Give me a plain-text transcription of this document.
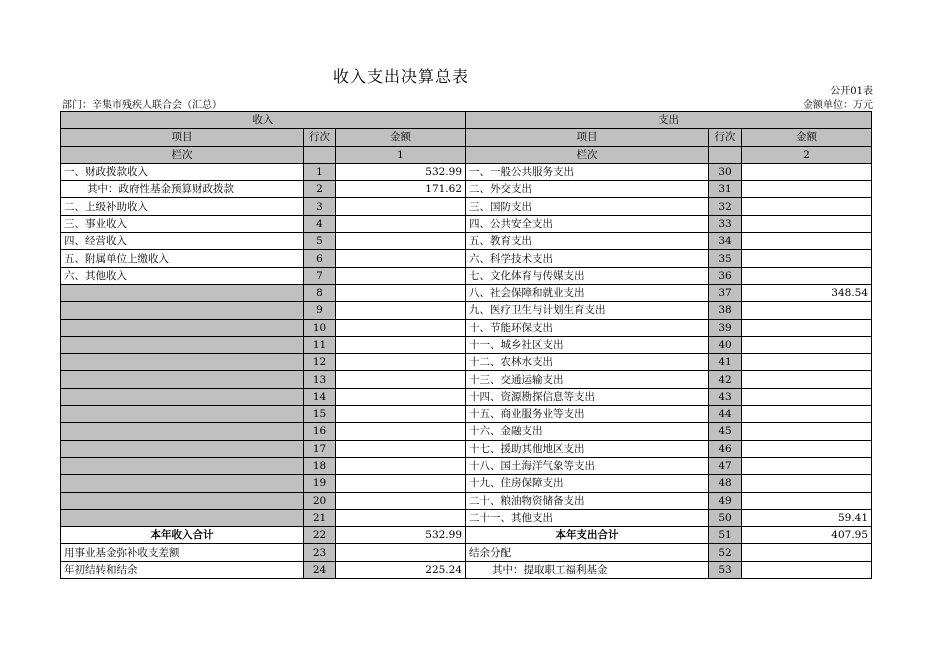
收入支出决算总表
公开01表
部门：辛集市残疾人联合会（汇总）	金额单位：万元
收入			支出		
项目	行次	金额	项目	行次	金额
栏次		1	栏次		2
一、财政拨款收入	1	532.99	一、一般公共服务支出	30	
其中：政府性基金预算财政拨款	2	171.62	二、外交支出	31	
二、上级补助收入	3		三、国防支出	32	
三、事业收入	4		四、公共安全支出	33	
四、经营收入	5		五、教育支出	34	
五、附属单位上缴收入	6		六、科学技术支出	35	
六、其他收入	7		七、文化体育与传媒支出	36	
	8		八、社会保障和就业支出	37	348.54
	9		九、医疗卫生与计划生育支出	38	
	10		十、节能环保支出	39	
	11		十一、城乡社区支出	40	
	12		十二、农林水支出	41	
	13		十三、交通运输支出	42	
	14		十四、资源勘探信息等支出	43	
	15		十五、商业服务业等支出	44	
	16		十六、金融支出	45	
	17		十七、援助其他地区支出	46	
	18		十八、国土海洋气象等支出	47	
	19		十九、住房保障支出	48	
	20		二十、粮油物资储备支出	49	
	21		二十一、其他支出	50	59.41
本年收入合计	22	532.99	本年支出合计	51	407.95
用事业基金弥补收支差额	23		结余分配	52	
年初结转和结余	24	225.24	其中：提取职工福利基金	53	
